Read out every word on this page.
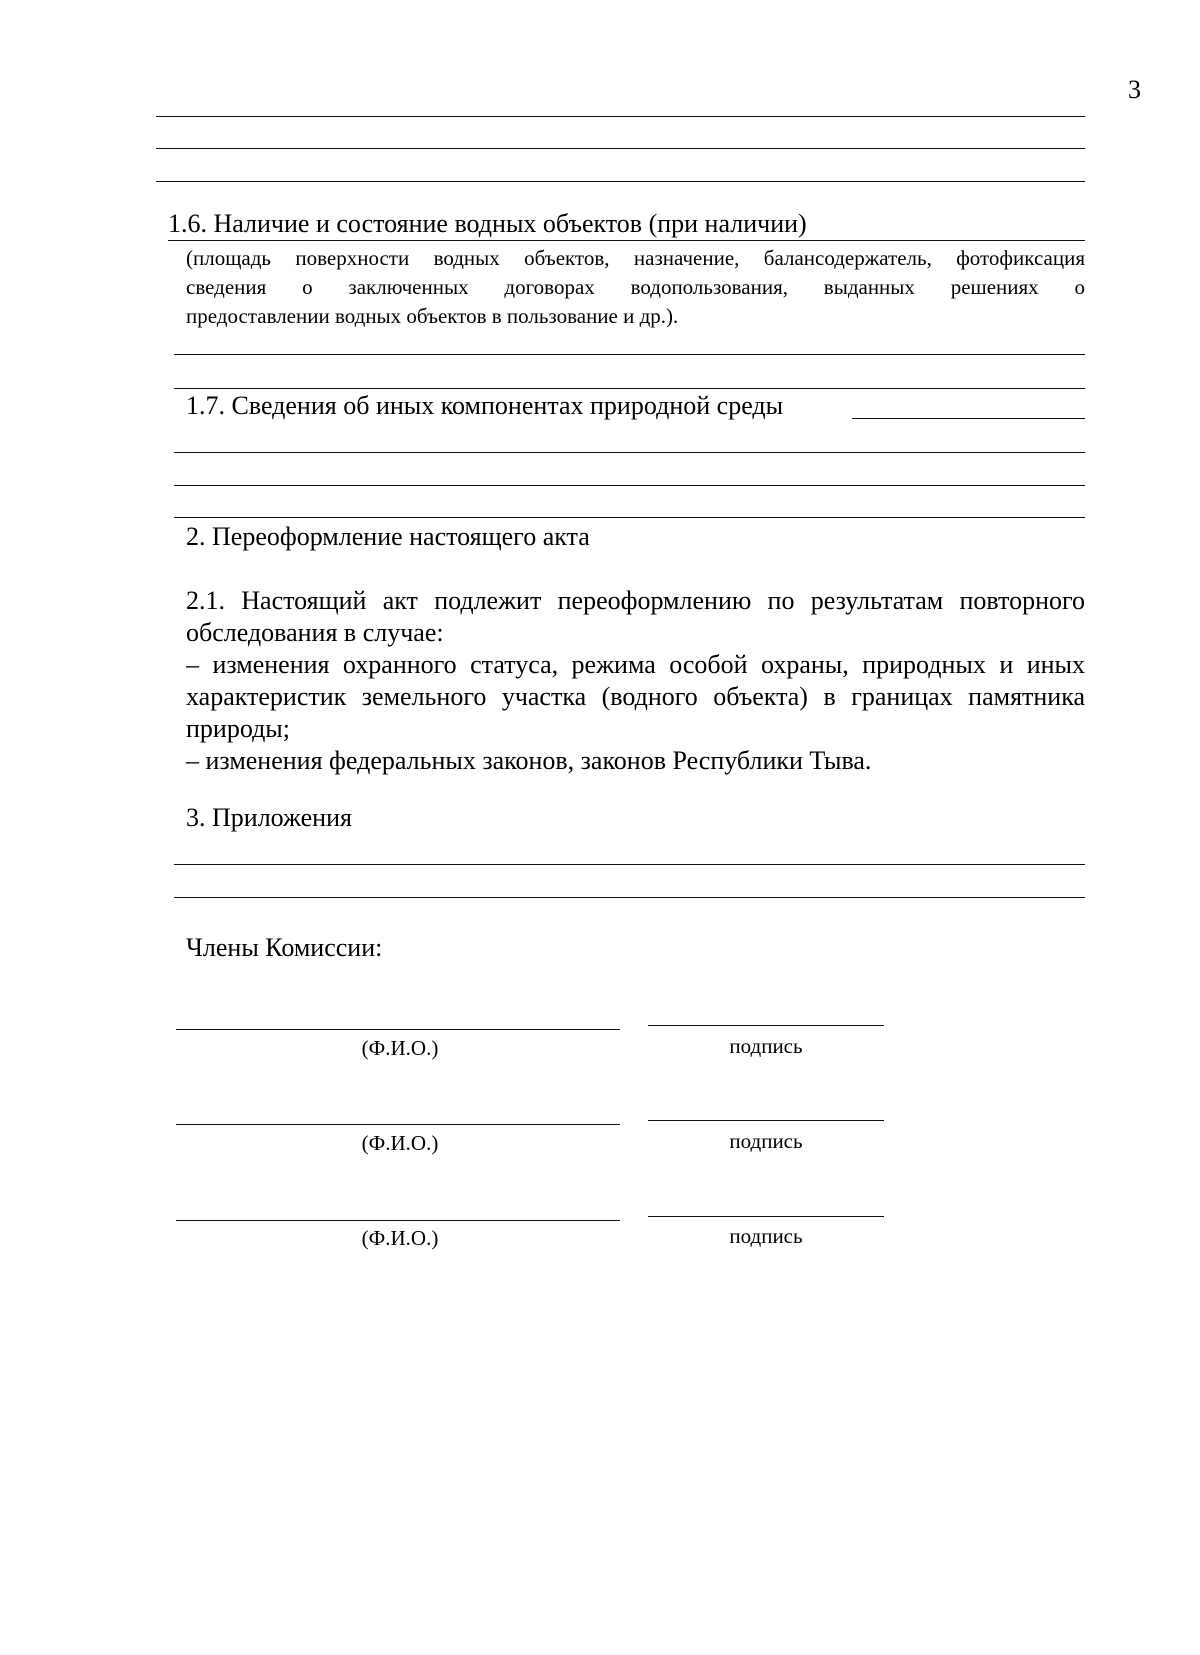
3
1.6. Наличие и состояние водных объектов (при наличии)
(площадь поверхности водных объектов, назначение, балансодержатель, фотофиксация
сведения о заключенных договорах водопользования, выданных решениях о
предоставлении водных объектов в пользование и др.).
1.7. Сведения об иных компонентах природной среды
2. Переоформление настоящего акта
2.1. Настоящий акт подлежит переоформлению по результатам повторного
обследования в случае:
– изменения охранного статуса, режима особой охраны, природных и иных
характеристик земельного участка (водного объекта) в границах памятника
природы;
– изменения федеральных законов, законов Республики Тыва.
3. Приложения
Члены Комиссии:
(Ф.И.О.)	подпись
(Ф.И.О.)	подпись
(Ф.И.О.)	подпись
